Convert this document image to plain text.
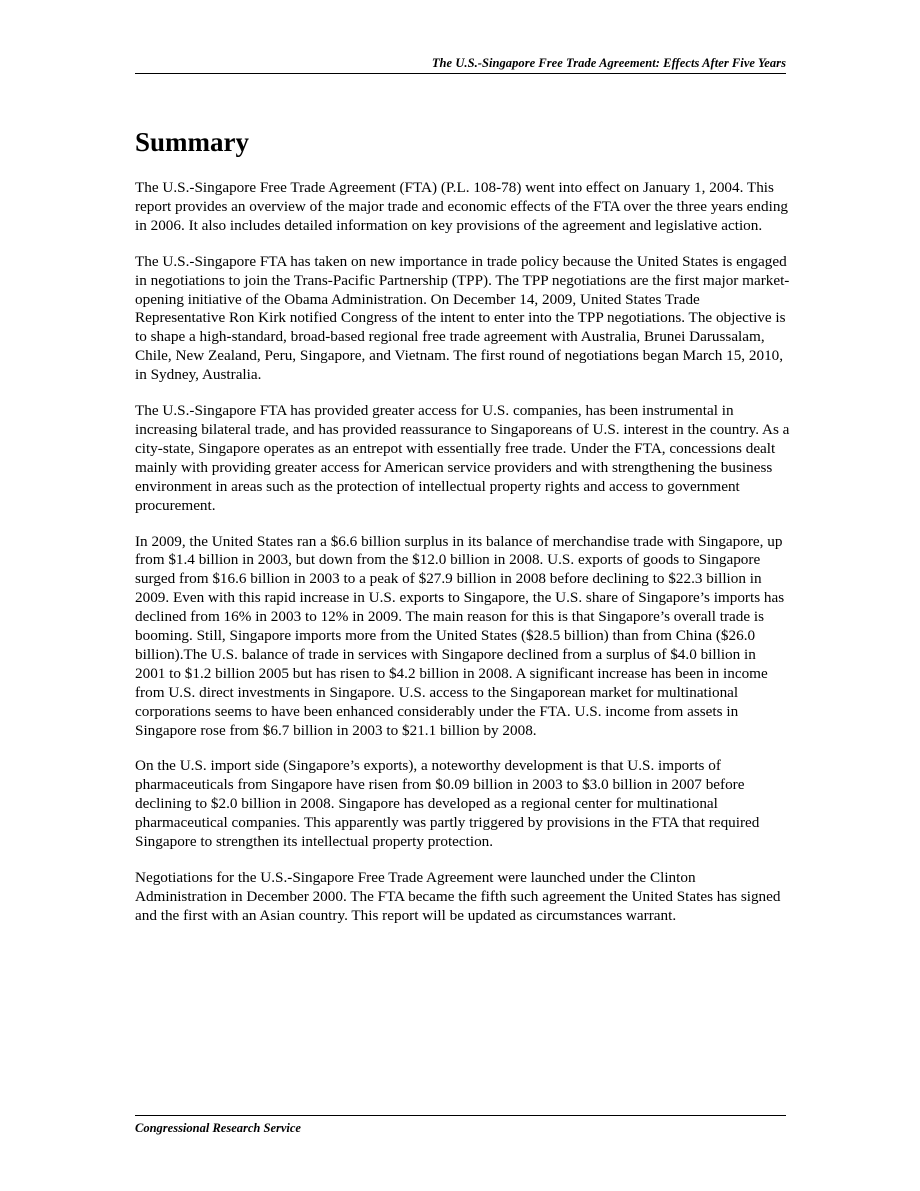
The U.S.-Singapore Free Trade Agreement: Effects After Five Years
Summary

The U.S.-Singapore Free Trade Agreement (FTA) (P.L. 108-78) went into effect on January 1, 2004. This report provides an overview of the major trade and economic effects of the FTA over the three years ending in 2006. It also includes detailed information on key provisions of the agreement and legislative action.

The U.S.-Singapore FTA has taken on new importance in trade policy because the United States is engaged in negotiations to join the Trans-Pacific Partnership (TPP). The TPP negotiations are the first major market-opening initiative of the Obama Administration. On December 14, 2009, United States Trade Representative Ron Kirk notified Congress of the intent to enter into the TPP negotiations. The objective is to shape a high-standard, broad-based regional free trade agreement with Australia, Brunei Darussalam, Chile, New Zealand, Peru, Singapore, and Vietnam. The first round of negotiations began March 15, 2010, in Sydney, Australia.

The U.S.-Singapore FTA has provided greater access for U.S. companies, has been instrumental in increasing bilateral trade, and has provided reassurance to Singaporeans of U.S. interest in the country. As a city-state, Singapore operates as an entrepot with essentially free trade. Under the FTA, concessions dealt mainly with providing greater access for American service providers and with strengthening the business environment in areas such as the protection of intellectual property rights and access to government procurement.

In 2009, the United States ran a $6.6 billion surplus in its balance of merchandise trade with Singapore, up from $1.4 billion in 2003, but down from the $12.0 billion in 2008. U.S. exports of goods to Singapore surged from $16.6 billion in 2003 to a peak of $27.9 billion in 2008 before declining to $22.3 billion in 2009. Even with this rapid increase in U.S. exports to Singapore, the U.S. share of Singapore’s imports has declined from 16% in 2003 to 12% in 2009. The main reason for this is that Singapore’s overall trade is booming. Still, Singapore imports more from the United States ($28.5 billion) than from China ($26.0 billion).The U.S. balance of trade in services with Singapore declined from a surplus of $4.0 billion in 2001 to $1.2 billion 2005 but has risen to $4.2 billion in 2008. A significant increase has been in income from U.S. direct investments in Singapore. U.S. access to the Singaporean market for multinational corporations seems to have been enhanced considerably under the FTA. U.S. income from assets in Singapore rose from $6.7 billion in 2003 to $21.1 billion by 2008.

On the U.S. import side (Singapore’s exports), a noteworthy development is that U.S. imports of pharmaceuticals from Singapore have risen from $0.09 billion in 2003 to $3.0 billion in 2007 before declining to $2.0 billion in 2008. Singapore has developed as a regional center for multinational pharmaceutical companies. This apparently was partly triggered by provisions in the FTA that required Singapore to strengthen its intellectual property protection.

Negotiations for the U.S.-Singapore Free Trade Agreement were launched under the Clinton Administration in December 2000. The FTA became the fifth such agreement the United States has signed and the first with an Asian country. This report will be updated as circumstances warrant.

Congressional Research Service
